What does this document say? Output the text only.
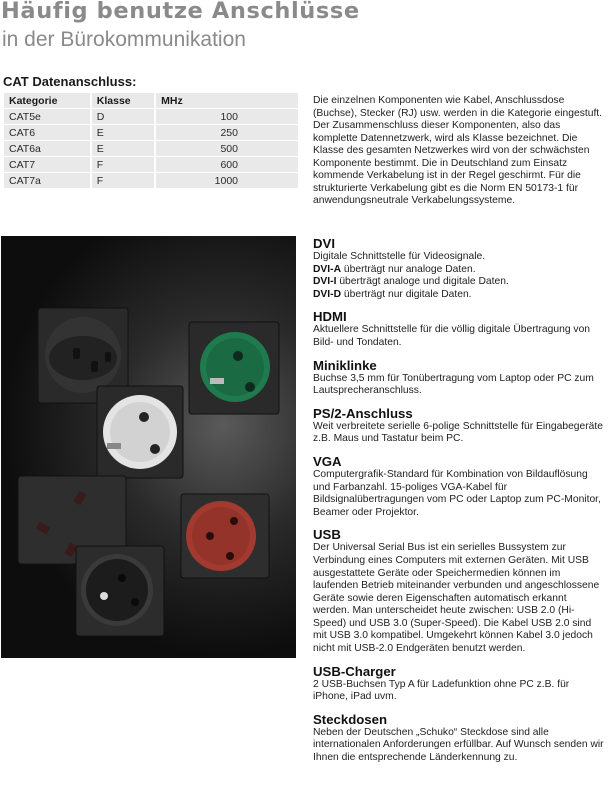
Häufig benutze Anschlüsse
in der Bürokommunikation
CAT Datenanschluss:
Kategorie	Klasse	MHz
CAT5e	D	100
CAT6	E	250
CAT6a	E	500
CAT7	F	600
CAT7a	F	1000
Die einzelnen Komponenten wie Kabel, Anschlussdose (Buchse), Stecker (RJ) usw. werden in die Kategorie eingestuft. Der Zusammenschluss dieser Komponenten, also das komplette Datennetzwerk, wird als Klasse bezeichnet. Die Klasse des gesamten Netzwerkes wird von der schwächsten Komponente bestimmt. Die in Deutschland zum Einsatz kommende Verkabelung ist in der Regel geschirmt. Für die strukturierte Verkabelung gibt es die Norm EN 50173-1 für anwendungsneutrale Verkabelungssysteme.
DVI

Digitale Schnittstelle für Videosignale.

DVI-A überträgt nur analoge Daten.

DVI-I überträgt analoge und digitale Daten.

DVI-D überträgt nur digitale Daten.

HDMI

Aktuellere Schnittstelle für die völlig digitale Übertragung von Bild- und Tondaten.

Miniklinke

Buchse 3,5 mm für Tonübertragung vom Laptop oder PC zum Lautsprecheranschluss.

PS/2-Anschluss

Weit verbreitete serielle 6-polige Schnittstelle für Eingabegeräte z.B. Maus und Tastatur beim PC.

VGA

Computergrafik-Standard für Kombination von Bildauflösung und Farbanzahl. 15-poliges VGA-Kabel für Bildsignalübertragungen vom PC oder Laptop zum PC-Monitor, Beamer oder Projektor.

USB

Der Universal Serial Bus ist ein serielles Bussystem zur Verbindung eines Computers mit externen Geräten. Mit USB ausgestattete Geräte oder Speichermedien können im laufenden Betrieb miteinander verbunden und angeschlossene Geräte sowie deren Eigenschaften automatisch erkannt werden. Man unterscheidet heute zwischen: USB 2.0 (Hi-Speed) und USB 3.0 (Super-Speed). Die Kabel USB 2.0 sind mit USB 3.0 kompatibel. Umgekehrt können Kabel 3.0 jedoch nicht mit USB-2.0 Endgeräten benutzt werden.

USB-Charger

2 USB-Buchsen Typ A für Ladefunktion ohne PC z.B. für iPhone, iPad uvm.

Steckdosen

Neben der Deutschen „Schuko“ Steckdose sind alle internationalen Anforderungen erfüllbar. Auf Wunsch senden wir Ihnen die entsprechende Länderkennung zu.
